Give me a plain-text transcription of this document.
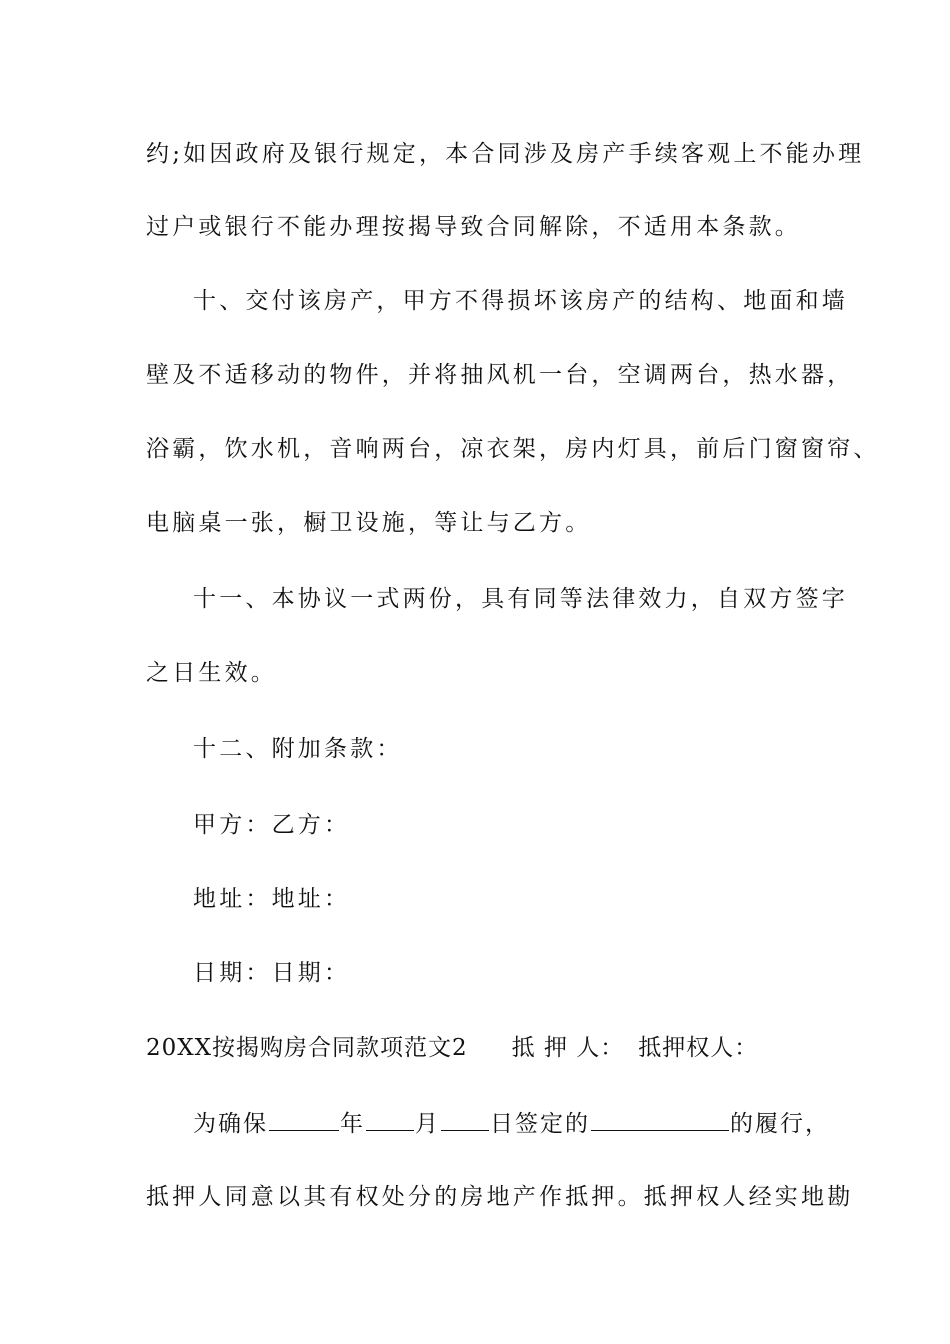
约;如因政府及银行规定，本合同涉及房产手续客观上不能办理
过户或银行不能办理按揭导致合同解除，不适用本条款。
十、交付该房产，甲方不得损坏该房产的结构、地面和墙
壁及不适移动的物件，并将抽风机一台，空调两台，热水器，
浴霸，饮水机，音响两台，凉衣架，房内灯具，前后门窗窗帘、
电脑桌一张，橱卫设施，等让与乙方。
十一、本协议一式两份，具有同等法律效力，自双方签字
之日生效。
十二、附加条款：
甲方：乙方：
地址：地址：
日期：日期：
20XX按揭购房合同款项范文2 抵 押 人： 抵押权人：
为确保	年 月 日签定的	的履行，
抵押人同意以其有权处分的房地产作抵押。抵押权人经实地勘
